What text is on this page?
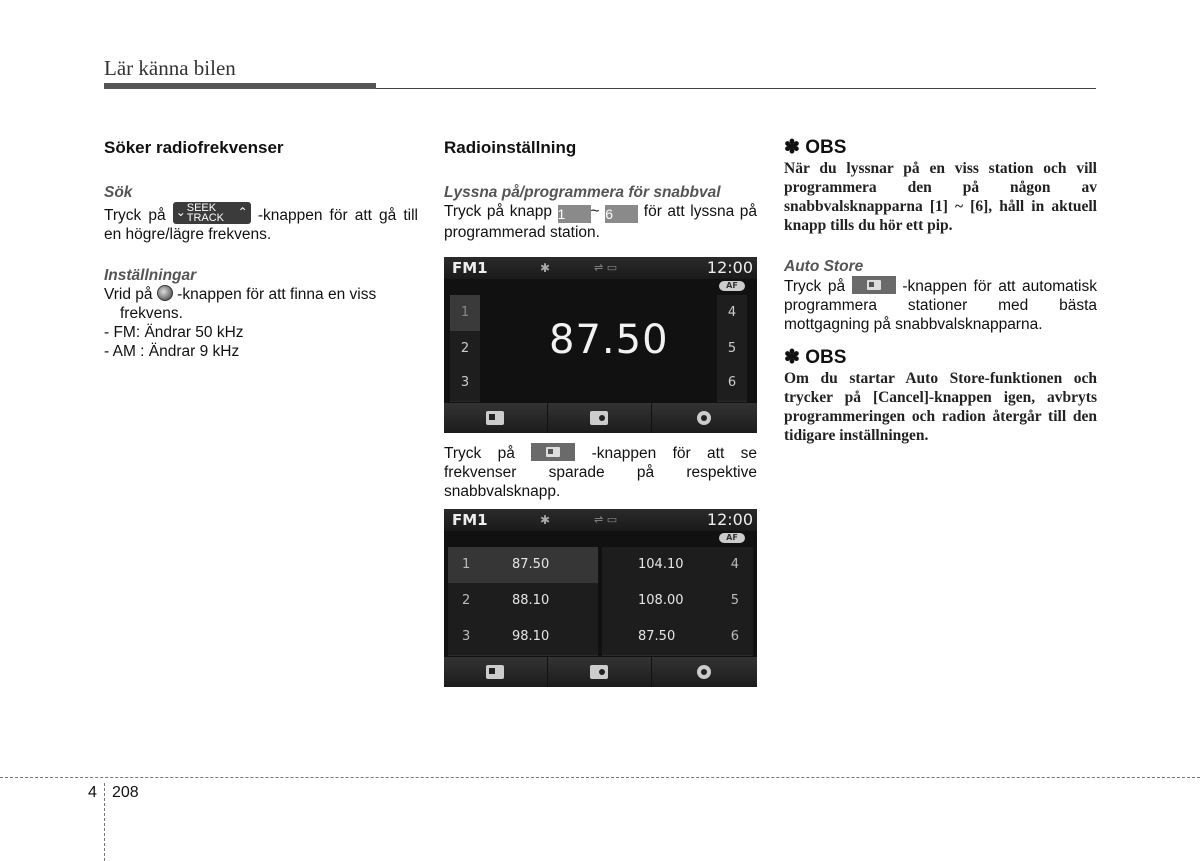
Lär känna bilen
Söker radiofrekvenser
Sök

Tryck på ⌄ SEEK
TRACK	⌃ -knappen för att gå till en högre/lägre frekvens.

Inställningar

Vrid på  -knappen för att finna en viss

frekvens.

- FM: Ändrar 50 kHz

- AM : Ändrar 9 kHz

Radioinställning
Lyssna på/programmera för snabbval

Tryck på knapp 1 ~ 6 för att lyssna på programmerad station.

Tryck på	-knappen för att se frekvenser sparade på respektive snabbvalsknapp.

FM1	✱	⇌ ▭	12:00
AF
1
2
3
4
5
6
87.50
FM1	✱	⇌ ▭	12:00
AF
1	87.50
2	88.10
3	98.10
104.10	4
108.00	5
87.50	6
✽ OBS

När du lyssnar på en viss station och vill programmera den på någon av snabbvalsknapparna [1] ~ [6], håll in aktuell knapp tills du hör ett pip.

Auto Store

Tryck på	-knappen för att automatisk programmera stationer med bästa mottgagning på snabbvalsknapparna.

✽ OBS

Om du startar Auto Store-funktionen och trycker på [Cancel]-knappen igen, avbryts programmeringen och radion återgår till den tidigare inställningen.

4 208
